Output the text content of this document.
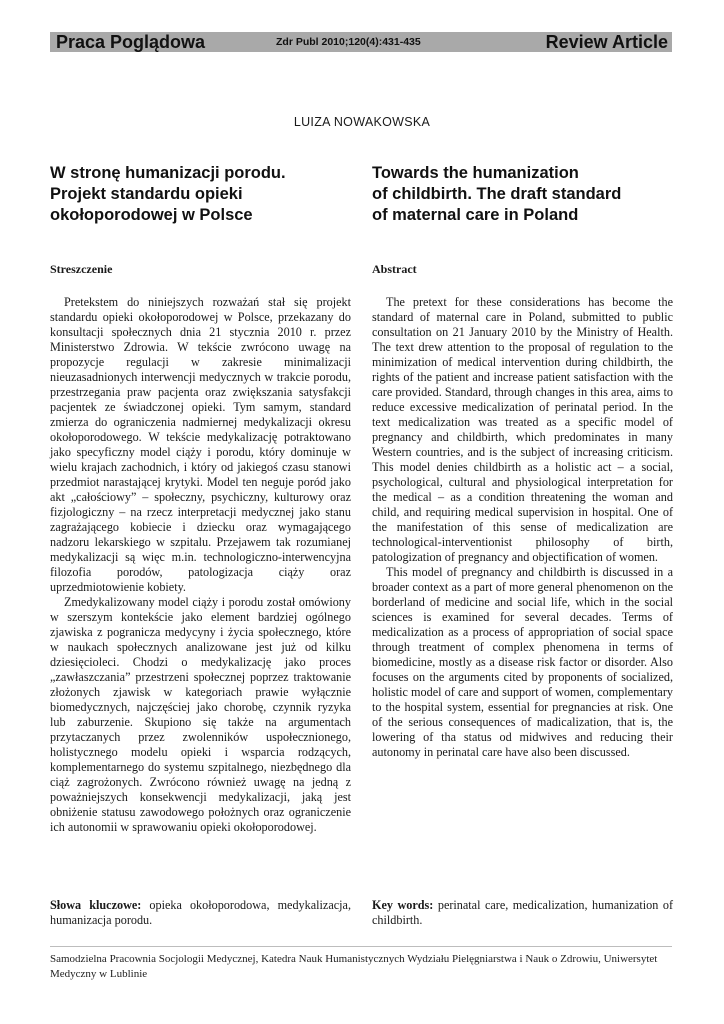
Praca Poglądowa	Zdr Publ 2010;120(4):431-435	Review Article
LUIZA NOWAKOWSKA
W stronę humanizacji porodu.
Projekt standardu opieki
okołoporodowej w Polsce
Towards the humanization
of childbirth. The draft standard
of maternal care in Poland
Streszczenie	Abstract

Pretekstem do niniejszych rozważań stał się projekt standardu opieki okołoporodowej w Polsce, przekazany do konsultacji społecznych dnia 21 stycznia 2010 r. przez Ministerstwo Zdrowia. W tekście zwrócono uwagę na propozycje regulacji w zakresie minimalizacji nieuzasadnionych interwencji medycznych w trakcie porodu, przestrzegania praw pacjenta oraz zwiększania satysfakcji pacjentek ze świadczonej opieki. Tym samym, standard zmierza do ograniczenia nadmiernej medykalizacji okresu okołoporodowego. W tekście medykalizację potraktowano jako specyficzny model ciąży i porodu, który dominuje w wielu krajach zachodnich, i który od jakiegoś czasu stanowi przedmiot narastającej krytyki. Model ten neguje poród jako akt „całościowy” – społeczny, psychiczny, kulturowy oraz fizjologiczny – na rzecz interpretacji medycznej jako stanu zagrażającego kobiecie i dziecku oraz wymagającego nadzoru lekarskiego w szpitalu. Przejawem tak rozumianej medykalizacji są więc m.in. technologiczno-interwencyjna filozofia porodów, patologizacja ciąży oraz uprzedmiotowienie kobiety.

Zmedykalizowany model ciąży i porodu został omówiony w szerszym kontekście jako element bardziej ogólnego zjawiska z pogranicza medycyny i życia społecznego, które w naukach społecznych analizowane jest już od kilku dziesięcioleci. Chodzi o medykalizację jako proces „zawłaszczania” przestrzeni społecznej poprzez traktowanie złożonych zjawisk w kategoriach prawie wyłącznie biomedycznych, najczęściej jako chorobę, czynnik ryzyka lub zaburzenie. Skupiono się także na argumentach przytaczanych przez zwolenników uspołecznionego, holistycznego modelu opieki i wsparcia rodzących, komplementarnego do systemu szpitalnego, niezbędnego dla ciąż zagrożonych. Zwrócono również uwagę na jedną z poważniejszych konsekwencji medykalizacji, jaką jest obniżenie statusu zawodowego położnych oraz ograniczenie ich autonomii w sprawowaniu opieki okołoporodowej.

The pretext for these considerations has become the standard of maternal care in Poland, submitted to public consultation on 21 January 2010 by the Ministry of Health. The text drew attention to the proposal of regulation to the minimization of medical intervention during childbirth, the rights of the patient and increase patient satisfaction with the care provided. Standard, through changes in this area, aims to reduce excessive medicalization of perinatal period. In the text medicalization was treated as a specific model of pregnancy and childbirth, which predominates in many Western countries, and is the subject of increasing criticism. This model denies childbirth as a holistic act – a social, psychological, cultural and physiological interpretation for the medical – as a condition threatening the woman and child, and requiring medical supervision in hospital. One of the manifestation of this sense of medicalization are technological-interventionist philosophy of birth, patologization of pregnancy and objectification of women.

This model of pregnancy and childbirth is discussed in a broader context as a part of more general phenomenon on the borderland of medicine and social life, which in the social sciences is examined for several decades. Terms of medicalization as a process of appropriation of social space through treatment of complex phenomena in terms of biomedicine, mostly as a disease risk factor or disorder. Also focuses on the arguments cited by proponents of socialized, holistic model of care and support of women, complementary to the hospital system, essential for pregnancies at risk. One of the serious consequences of madicalization, that is, the lowering of tha status od midwives and reducing their autonomy in perinatal care have also been discussed.

Słowa kluczowe: opieka okołoporodowa, medykalizacja, humanizacja porodu.
Key words: perinatal care, medicalization, humanization of childbirth.
Samodzielna Pracownia Socjologii Medycznej, Katedra Nauk Humanistycznych Wydziału Pielęgniarstwa i Nauk o Zdrowiu, Uniwersytet Medyczny w Lublinie
